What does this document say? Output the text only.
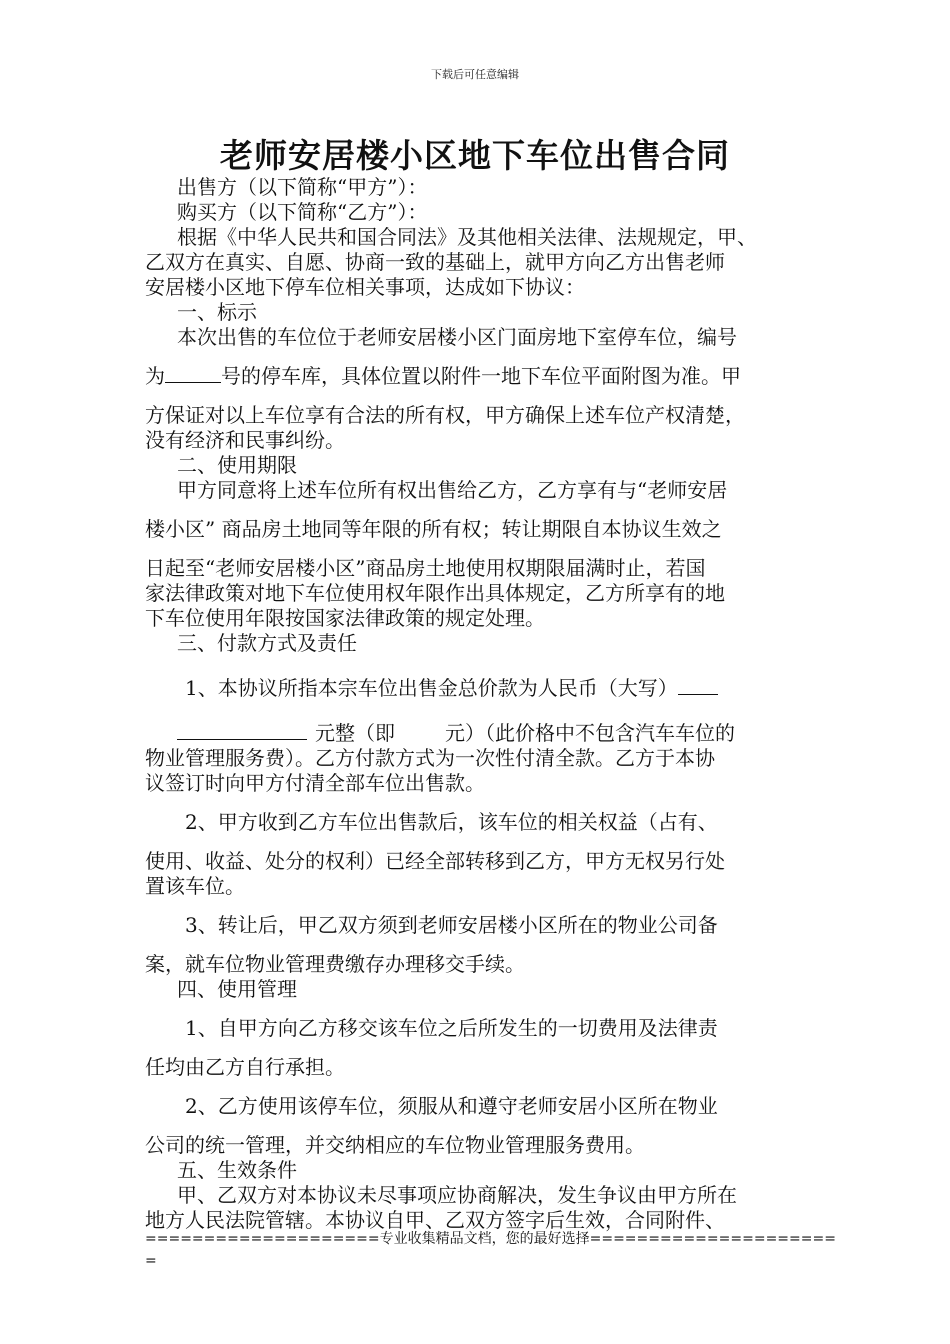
下载后可任意编辑
老师安居楼小区地下车位出售合同
出售方（以下简称“甲方”）：
购买方（以下简称“乙方”）：
根据《中华人民共和国合同法》及其他相关法律、法规规定，甲、
乙双方在真实、自愿、协商一致的基础上，就甲方向乙方出售老师
安居楼小区地下停车位相关事项，达成如下协议：
一、标示
本次出售的车位位于老师安居楼小区门面房地下室停车位，编号
为	号的停车库，具体位置以附件一地下车位平面附图为准。甲
方保证对以上车位享有合法的所有权，甲方确保上述车位产权清楚，
没有经济和民事纠纷。
二、使用期限
甲方同意将上述车位所有权出售给乙方，乙方享有与“老师安居
楼小区” 商品房土地同等年限的所有权；转让期限自本协议生效之
日起至“老师安居楼小区”商品房土地使用权期限届满时止，若国
家法律政策对地下车位使用权年限作出具体规定，乙方所享有的地
下车位使用年限按国家法律政策的规定处理。
三、付款方式及责任
1、本协议所指本宗车位出售金总价款为人民币（大写）
元整（即	元）（此价格中不包含汽车车位的
物业管理服务费）。乙方付款方式为一次性付清全款。乙方于本协
议签订时向甲方付清全部车位出售款。
2、甲方收到乙方车位出售款后，该车位的相关权益（占有、
使用、收益、处分的权利）已经全部转移到乙方，甲方无权另行处
置该车位。
3、转让后，甲乙双方须到老师安居楼小区所在的物业公司备
案，就车位物业管理费缴存办理移交手续。
四、使用管理
1、自甲方向乙方移交该车位之后所发生的一切费用及法律责
任均由乙方自行承担。
2、乙方使用该停车位，须服从和遵守老师安居小区所在物业
公司的统一管理，并交纳相应的车位物业管理服务费用。
五、生效条件
甲、乙双方对本协议未尽事项应协商解决，发生争议由甲方所在
地方人民法院管辖。本协议自甲、乙双方签字后生效，合同附件、
====================专业收集精品文档，您的最好选择=====================
=
